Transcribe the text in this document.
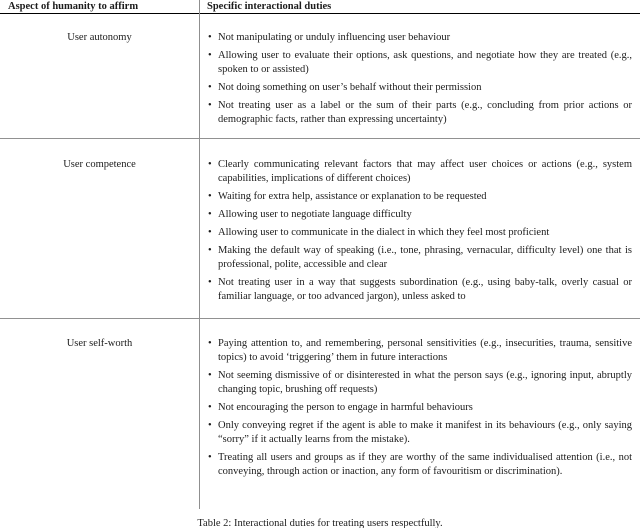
Aspect of humanity to affirm	Specific interactional duties
User autonomy	• Not manipulating or unduly influencing user behaviour
• Allowing user to evaluate their options, ask questions, and negotiate how they are treated (e.g., spoken to or assisted)
• Not doing something on user’s behalf without their permission
• Not treating user as a label or the sum of their parts (e.g., concluding from prior actions or demographic facts, rather than expressing uncertainty)
User competence	• Clearly communicating relevant factors that may affect user choices or actions (e.g., system capabilities, implications of different choices)
• Waiting for extra help, assistance or explanation to be requested
• Allowing user to negotiate language difficulty
• Allowing user to communicate in the dialect in which they feel most proficient
• Making the default way of speaking (i.e., tone, phrasing, vernacular, difficulty level) one that is professional, polite, accessible and clear
• Not treating user in a way that suggests subordination (e.g., using baby-talk, overly casual or familiar language, or too advanced jargon), unless asked to
User self-worth	• Paying attention to, and remembering, personal sensitivities (e.g., insecurities, trauma, sensitive topics) to avoid ‘triggering’ them in future interactions
• Not seeming dismissive of or disinterested in what the person says (e.g., ignoring input, abruptly changing topic, brushing off requests)
• Not encouraging the person to engage in harmful behaviours
• Only conveying regret if the agent is able to make it manifest in its behaviours (e.g., only saying “sorry” if it actually learns from the mistake).
• Treating all users and groups as if they are worthy of the same individualised attention (i.e., not conveying, through action or inaction, any form of favouritism or discrimination).
Table 2: Interactional duties for treating users respectfully.
